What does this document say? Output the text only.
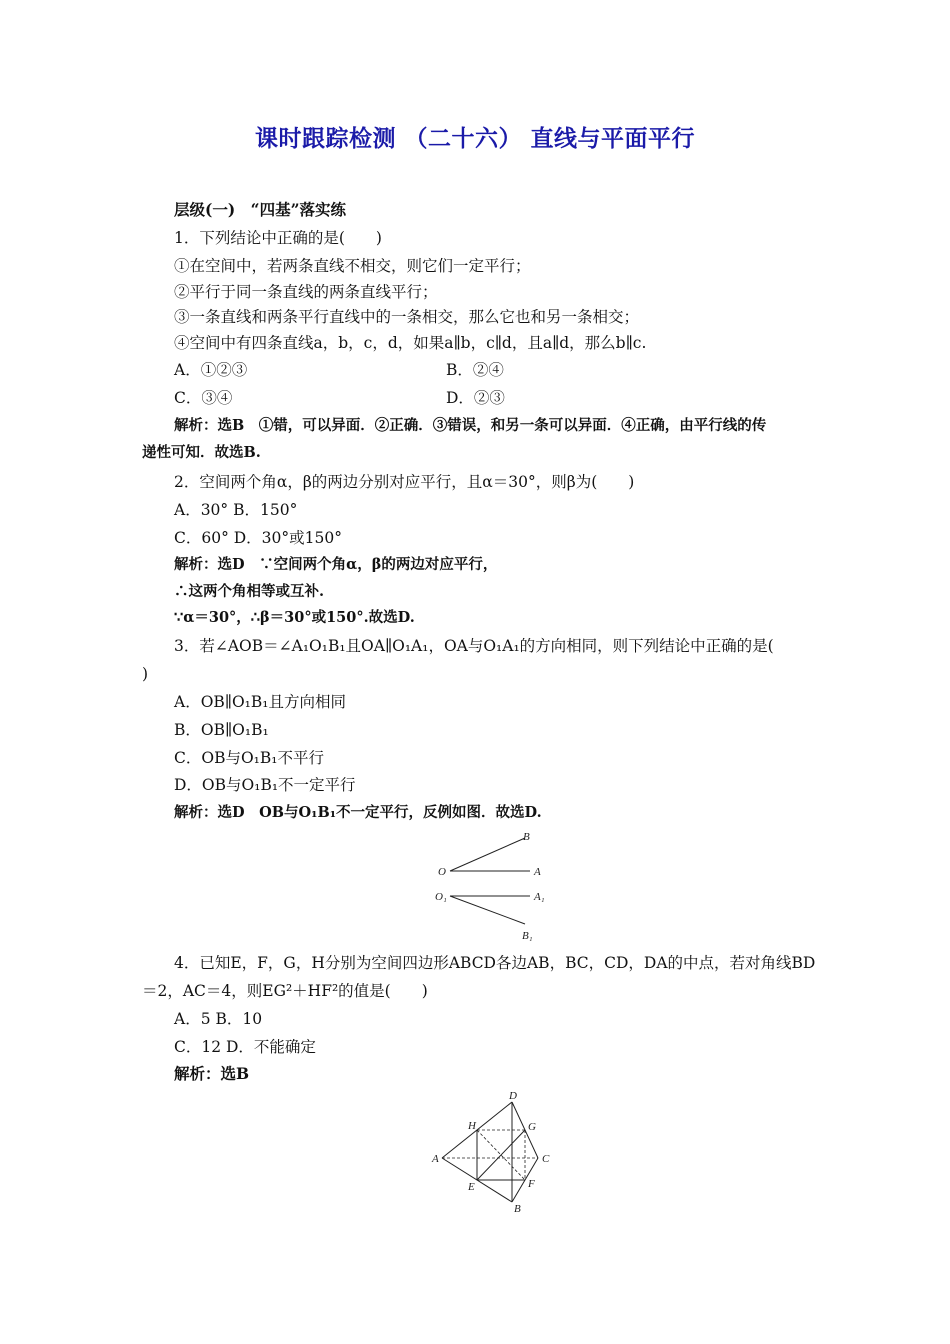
课时跟踪检测 （二十六） 直线与平面平行
层级(一)　“四基”落实练
1．下列结论中正确的是(　　)
①在空间中，若两条直线不相交，则它们一定平行；
②平行于同一条直线的两条直线平行；
③一条直线和两条平行直线中的一条相交，那么它也和另一条相交；
④空间中有四条直线a，b，c，d，如果a∥b，c∥d，且a∥d，那么b∥c.
A．①②③	B．②④
C．③④	D．②③
解析：选B　①错，可以异面．②正确．③错误，和另一条可以异面．④正确，由平行线的传
递性可知．故选B.
2．空间两个角α，β的两边分别对应平行，且α＝30°，则β为(　　)
A．30° B．150°
C．60° D．30°或150°
解析：选D　∵空间两个角α，β的两边对应平行，
∴这两个角相等或互补.
∵α＝30°，∴β＝30°或150°.故选D.
3．若∠AOB＝∠A₁O₁B₁且OA∥O₁A₁，OA与O₁A₁的方向相同，则下列结论中正确的是(
)
A．OB∥O₁B₁且方向相同
B．OB∥O₁B₁
C．OB与O₁B₁不平行
D．OB与O₁B₁不一定平行
解析：选D　OB与O₁B₁不一定平行，反例如图．故选D.
B
O	A
O₁	A₁
B₁
4．已知E，F，G，H分别为空间四边形ABCD各边AB，BC，CD，DA的中点，若对角线BD
＝2，AC＝4，则EG²＋HF²的值是(　　)
A．5 B．10
C．12 D．不能确定
解析：选B
D
H	G
A	C
E	F
B
